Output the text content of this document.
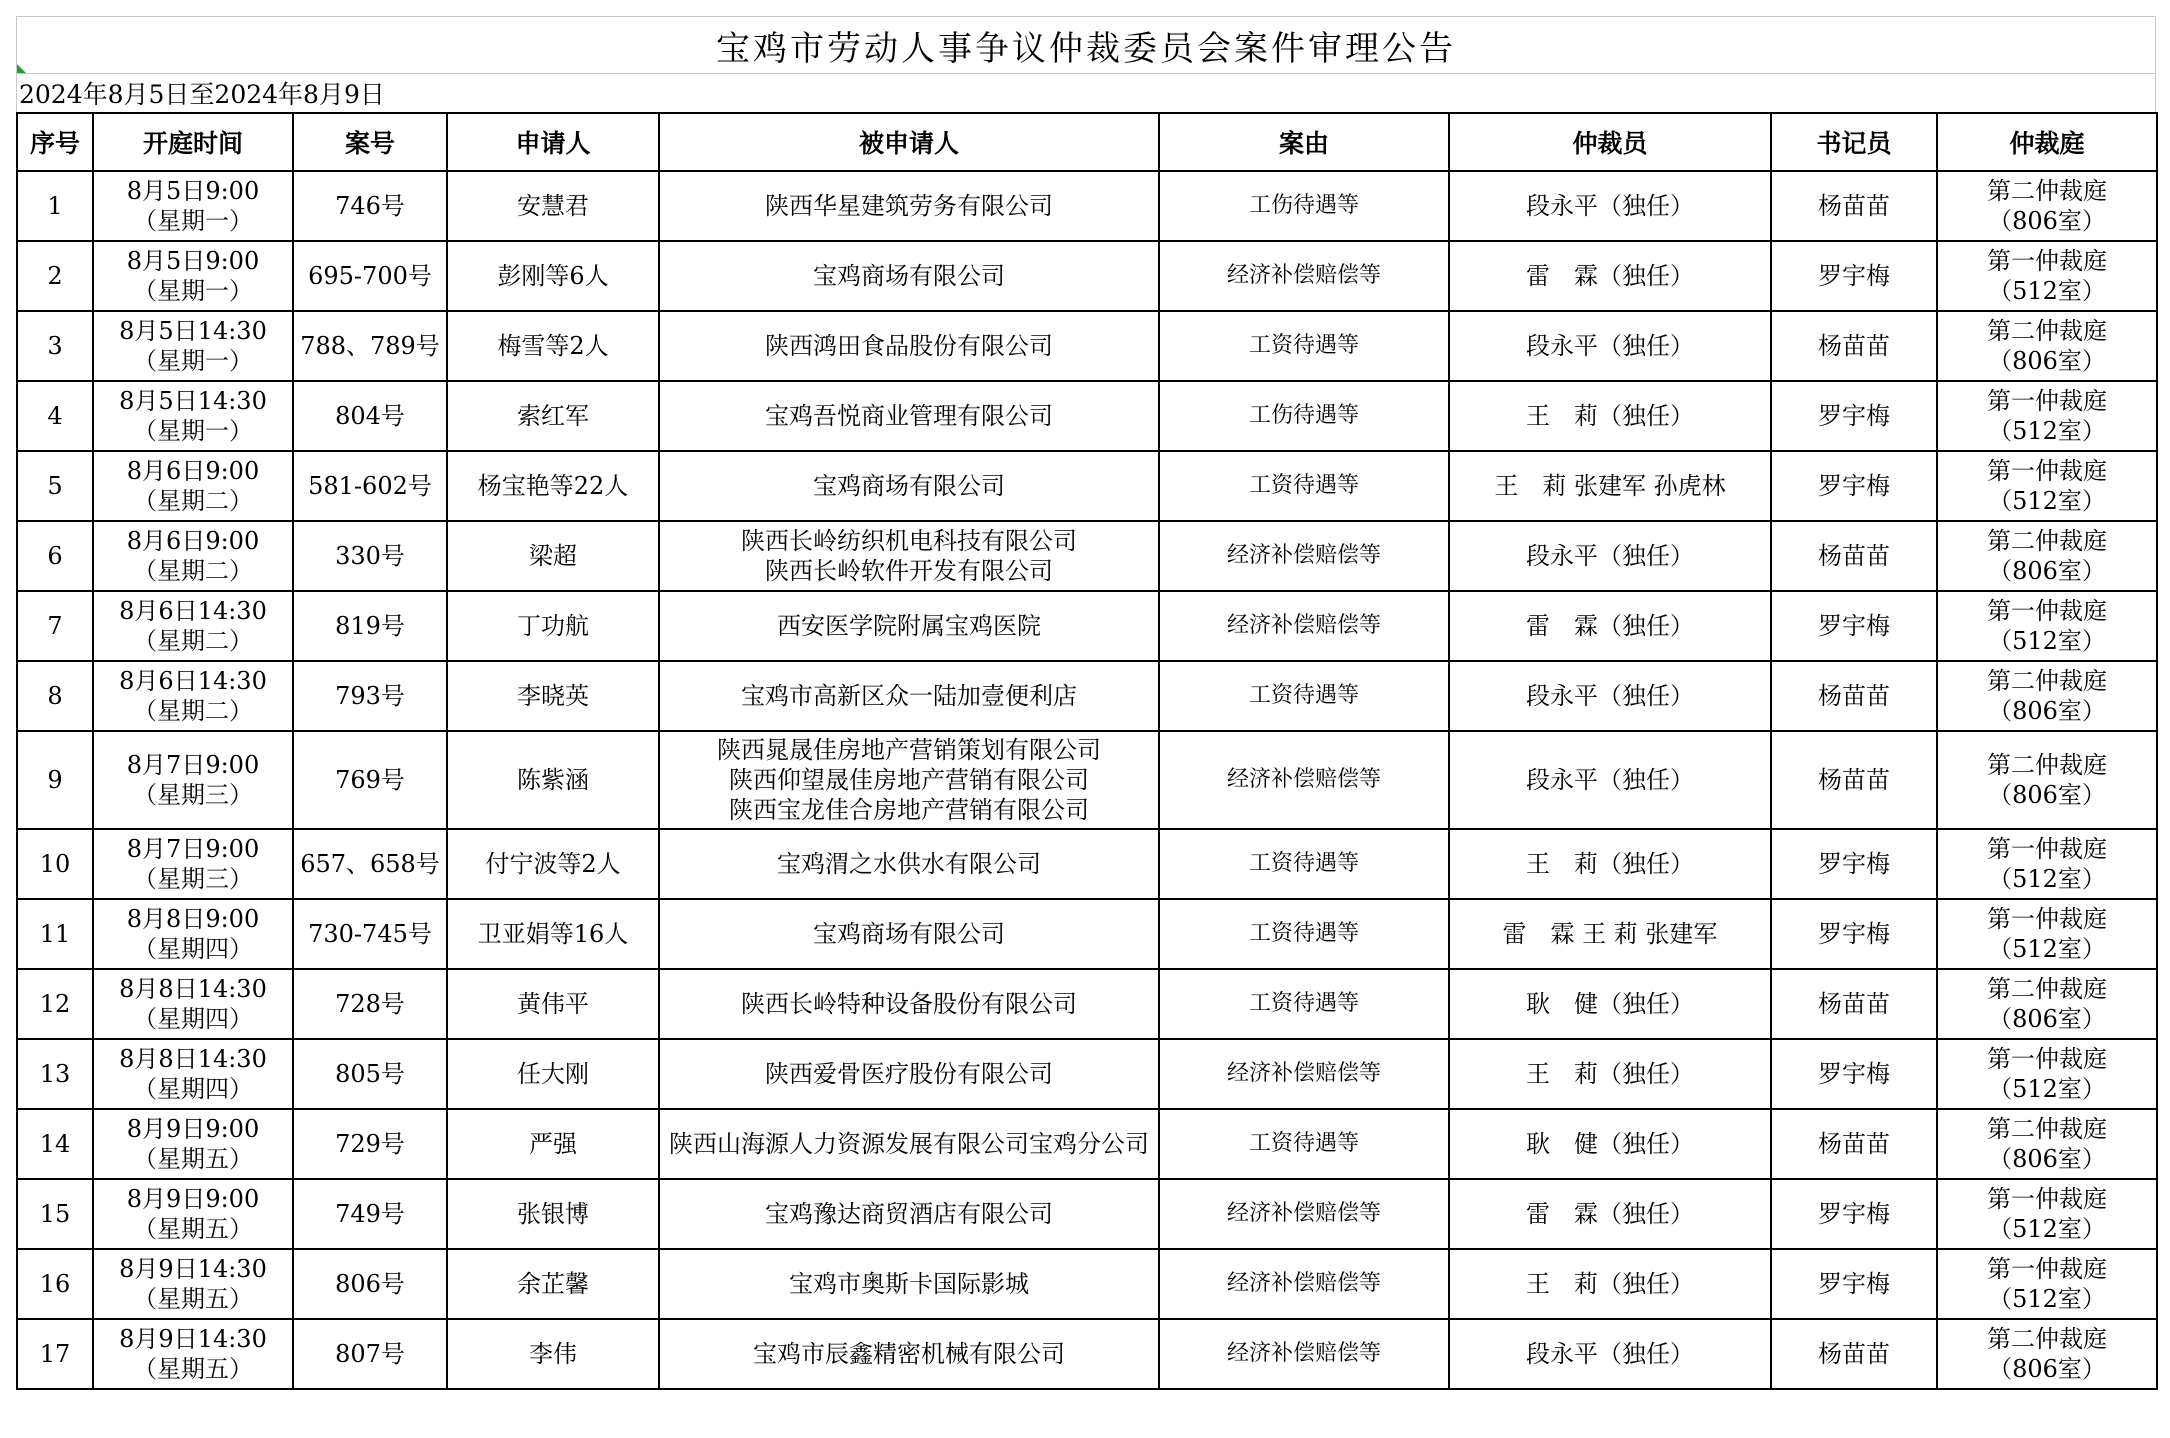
宝鸡市劳动人事争议仲裁委员会案件审理公告
2024年8月5日至2024年8月9日
序号	开庭时间	案号	申请人	被申请人	案由	仲裁员	书记员	仲裁庭

1	8月5日9:00
（星期一）	746号	安慧君	陕西华星建筑劳务有限公司	工伤待遇等	段永平（独任）	杨苗苗	第二仲裁庭
（806室）

2	8月5日9:00
（星期一）	695-700号	彭刚等6人	宝鸡商场有限公司	经济补偿赔偿等	雷　霖（独任）	罗宇梅	第一仲裁庭
（512室）

3	8月5日14:30
（星期一）	788、789号	梅雪等2人	陕西鸿田食品股份有限公司	工资待遇等	段永平（独任）	杨苗苗	第二仲裁庭
（806室）

4	8月5日14:30
（星期一）	804号	索红军	宝鸡吾悦商业管理有限公司	工伤待遇等	王　莉（独任）	罗宇梅	第一仲裁庭
（512室）

5	8月6日9:00
（星期二）	581-602号	杨宝艳等22人	宝鸡商场有限公司	工资待遇等	王　莉 张建军 孙虎林	罗宇梅	第一仲裁庭
（512室）

6	8月6日9:00
（星期二）	330号	梁超	陕西长岭纺织机电科技有限公司
陕西长岭软件开发有限公司	经济补偿赔偿等	段永平（独任）	杨苗苗	第二仲裁庭
（806室）

7	8月6日14:30
（星期二）	819号	丁功航	西安医学院附属宝鸡医院	经济补偿赔偿等	雷　霖（独任）	罗宇梅	第一仲裁庭
（512室）

8	8月6日14:30
（星期二）	793号	李晓英	宝鸡市高新区众一陆加壹便利店	工资待遇等	段永平（独任）	杨苗苗	第二仲裁庭
（806室）

9	8月7日9:00
（星期三）	769号	陈紫涵	陕西晁晟佳房地产营销策划有限公司
陕西仰望晟佳房地产营销有限公司
陕西宝龙佳合房地产营销有限公司	经济补偿赔偿等	段永平（独任）	杨苗苗	第二仲裁庭
（806室）

10	8月7日9:00
（星期三）	657、658号	付宁波等2人	宝鸡渭之水供水有限公司	工资待遇等	王　莉（独任）	罗宇梅	第一仲裁庭
（512室）

11	8月8日9:00
（星期四）	730-745号	卫亚娟等16人	宝鸡商场有限公司	工资待遇等	雷　霖 王 莉 张建军	罗宇梅	第一仲裁庭
（512室）

12	8月8日14:30
（星期四）	728号	黄伟平	陕西长岭特种设备股份有限公司	工资待遇等	耿　健（独任）	杨苗苗	第二仲裁庭
（806室）

13	8月8日14:30
（星期四）	805号	任大刚	陕西爱骨医疗股份有限公司	经济补偿赔偿等	王　莉（独任）	罗宇梅	第一仲裁庭
（512室）

14	8月9日9:00
（星期五）	729号	严强	陕西山海源人力资源发展有限公司宝鸡分公司	工资待遇等	耿　健（独任）	杨苗苗	第二仲裁庭
（806室）

15	8月9日9:00
（星期五）	749号	张银博	宝鸡豫达商贸酒店有限公司	经济补偿赔偿等	雷　霖（独任）	罗宇梅	第一仲裁庭
（512室）

16	8月9日14:30
（星期五）	806号	余芷馨	宝鸡市奥斯卡国际影城	经济补偿赔偿等	王　莉（独任）	罗宇梅	第一仲裁庭
（512室）

17	8月9日14:30
（星期五）	807号	李伟	宝鸡市辰鑫精密机械有限公司	经济补偿赔偿等	段永平（独任）	杨苗苗	第二仲裁庭
（806室）
